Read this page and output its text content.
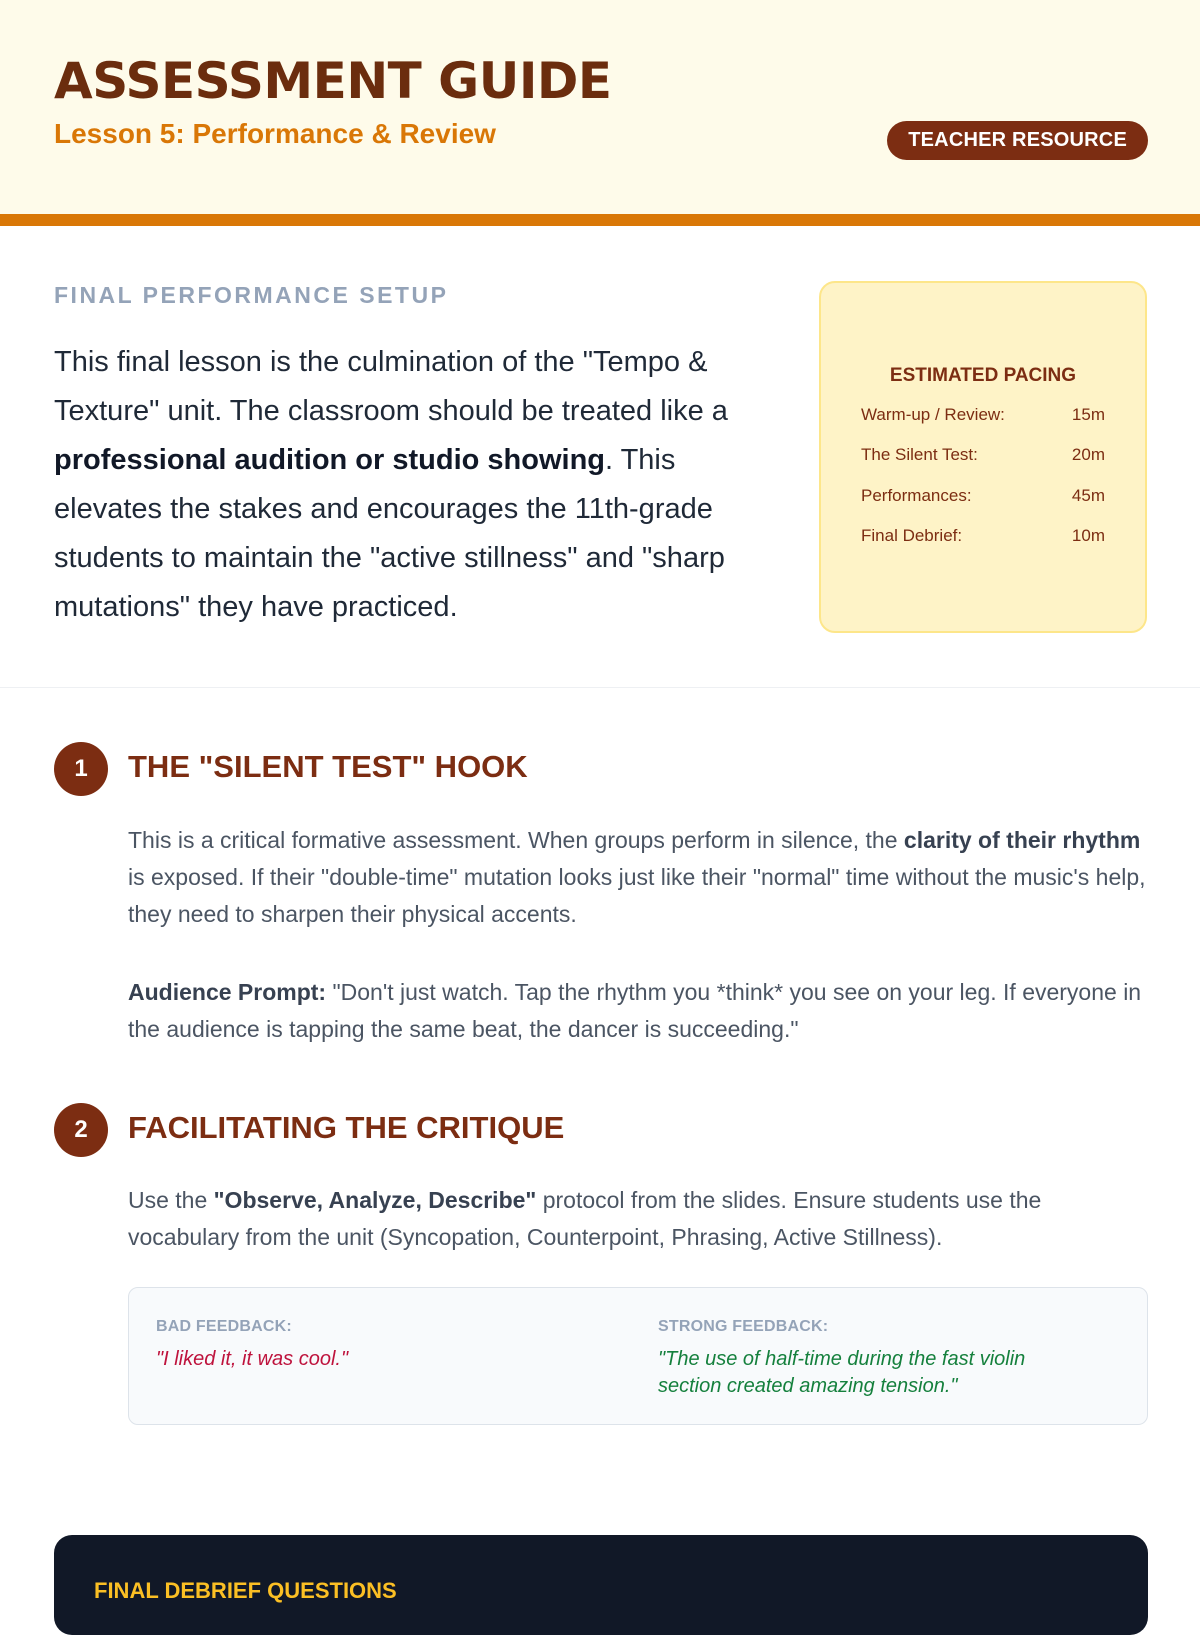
ASSESSMENT GUIDE
Lesson 5: Performance & Review	TEACHER RESOURCE
FINAL PERFORMANCE SETUP

This final lesson is the culmination of the "Tempo & Texture" unit. The classroom should be treated like a professional audition or studio showing. This elevates the stakes and encourages the 11th-grade students to maintain the "active stillness" and "sharp mutations" they have practiced.

ESTIMATED PACING
Warm-up / Review:	15m
The Silent Test:	20m
Performances:	45m
Final Debrief:	10m
1	THE "SILENT TEST" HOOK

This is a critical formative assessment. When groups perform in silence, the clarity of their rhythm is exposed. If their "double-time" mutation looks just like their "normal" time without the music's help, they need to sharpen their physical accents.

Audience Prompt: "Don't just watch. Tap the rhythm you *think* you see on your leg. If everyone in the audience is tapping the same beat, the dancer is succeeding."

2	FACILITATING THE CRITIQUE

Use the "Observe, Analyze, Describe" protocol from the slides. Ensure students use the vocabulary from the unit (Syncopation, Counterpoint, Phrasing, Active Stillness).

BAD FEEDBACK:

"I liked it, it was cool."

STRONG FEEDBACK:

"The use of half-time during the fast violin section created amazing tension."

FINAL DEBRIEF QUESTIONS
